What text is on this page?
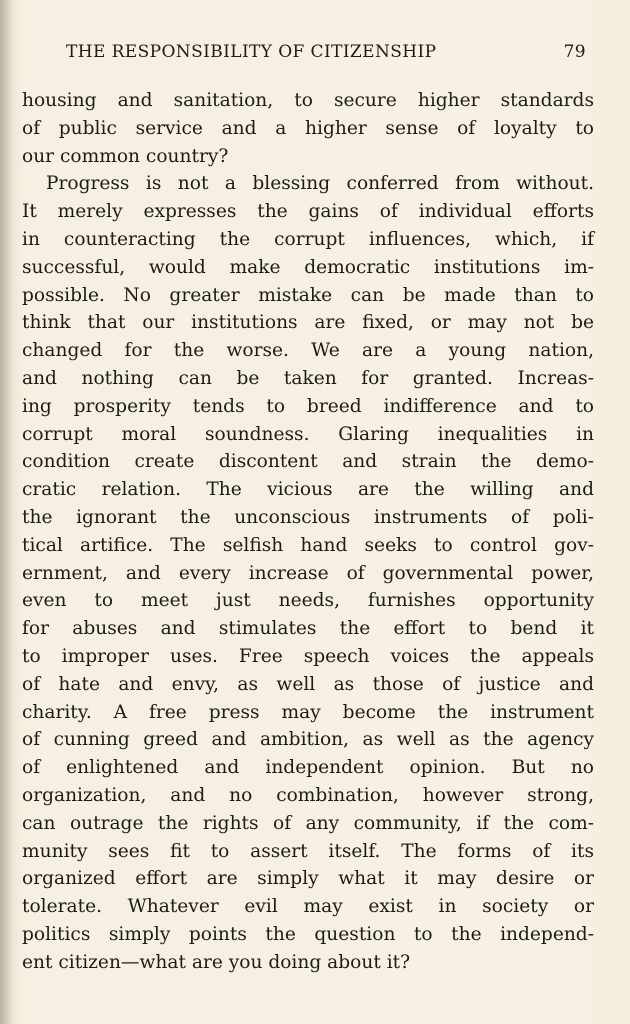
THE RESPONSIBILITY OF CITIZENSHIP	79
housing and sanitation, to secure higher standards
of public service and a higher sense of loyalty to
our common country?
Progress is not a blessing conferred from without.
It merely expresses the gains of individual efforts
in counteracting the corrupt influences, which, if
successful, would make democratic institutions im-
possible. No greater mistake can be made than to
think that our institutions are fixed, or may not be
changed for the worse. We are a young nation,
and nothing can be taken for granted. Increas-
ing prosperity tends to breed indifference and to
corrupt moral soundness. Glaring inequalities in
condition create discontent and strain the demo-
cratic relation. The vicious are the willing and
the ignorant the unconscious instruments of poli-
tical artifice. The selfish hand seeks to control gov-
ernment, and every increase of governmental power,
even to meet just needs, furnishes opportunity
for abuses and stimulates the effort to bend it
to improper uses. Free speech voices the appeals
of hate and envy, as well as those of justice and
charity. A free press may become the instrument
of cunning greed and ambition, as well as the agency
of enlightened and independent opinion. But no
organization, and no combination, however strong,
can outrage the rights of any community, if the com-
munity sees fit to assert itself. The forms of its
organized effort are simply what it may desire or
tolerate. Whatever evil may exist in society or
politics simply points the question to the independ-
ent citizen—what are you doing about it?
